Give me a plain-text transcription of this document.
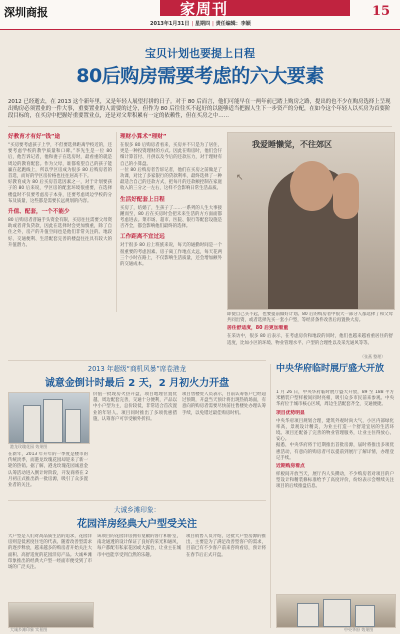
深圳商报	家周刊	15
2013年1月31日 | 星期四 | 责任编辑：李颖
宝贝计划也要提上日程
80后购房需要考虑的六大要素
2012 已经逝去，在 2013 这个新年里，又是年轻人展望打拼的日子。对于 80 后而言，他们可能早在一两年前已踏上购房之路，提出的也不少在购房选择上呈现出购房必须置业的一件大事，重要置业的人需要的过分，但作为 80 后往往买不起好的以能够适当把握人生下一步资产的分配，在如今这个年轻人以买房为首要阶段目标的，在买房中把握好重要置业点，还是对父辈积累有一定的依赖性，但在买房之中……
好教育才有好“钱”途
“买房要考虑孩子上学，不但要选择距离学校近的，还要考虑学校的教学质量和口碑。”李先生是一位 80 后，他告诉记者，他和妻子在选房时，最看重的就是周边的教育配套。作为父母，谁都希望自己的孩子能赢在起跑线上，所以学区房成为很多 80 后购房者的首选，而好的学区房价格也往往居高不下。
好教育成为 80 后买房首选因素之一，对于计划要孩子的 80 后来说，学区房的配套环境很重要，在选择楼盘时不仅要考虑房子本身，还要考虑周边学校的分布及质量，这些都是需要长远规划的内容。
升值、配套，一个不能少
80 后购房者普遍手头资金有限，买房往往需要父母资助或者背负贷款，因此在选择时会更加慎重，除了自住之外，房产的升值空间也是他们非常关注的。地段好、交通便利、生活配套完善的楼盘往往具有较大的升值潜力。
理财小算术“理财”
在很多 80 后购房者看来，买房并不只是为了居住，更是一种投资理财的方式。因此在购房时，他们会仔细计算首付、月供以及今后的还款压力，对于理财有自己的小算盘。
一位 80 后购房者告诉记者，他们在买房之前做足了功课，对比了多家银行的贷款利率，最终选择了一种最适合自己的还款方式，把每月的还款额控制在家庭收入的三分之一左右，这样不会影响日常生活品质。
生活好配套上日程
买房了，结婚了，生孩子了……一系列的人生大事接踵而至，80 后在买房时会把未来生活的方方面面都考虑进去。菜市场、超市、医院、银行等配套设施是否齐全，都会影响他们最终的选择。
工作距离不宜过远
对于很多 80 后上班族来说，每天的通勤时间是一个很重要的考虑因素。房子离工作地点太远，每天花两三个小时在路上，不仅影响生活质量，还会增加额外的交通成本。
我爱睡懒觉，不往郊区
↖
即使自己买不起，也要提前做好计划。80 后的购房者中很大一部分人都选择了和父母共同出资，或者选择先买一套小户型，等经济条件改善后再置换大房。
居住舒适度，80 后更加看重
在采访中，很多 80 后表示，在考虑房价和地段的同时，他们也越来越看重居住的舒适度，比如小区的环境、物业管理水平、户型的合理性以及采光通风等等。
（张燕 整理）
2013 年超级“商机风暴”席卷港龙
诚意金倒计时最后 2 天，2 月初火力开盘
港龙玫瑰花园 效果图
在新年，2013 年开年的一季度是楼市的传统淡季，而港龙玫瑰花园却迎来了新一轮的热销。据了解，港龙玫瑰花园诚意金认筹活动进入倒计时阶段，开发商将在 2 月初正式推出新一批房源，吸引了众多置业者的关注。
价值一批现房火热开盘，项目地理位置优越，周边配套完善，交通十分便利，产品以中小户型为主，总价较低，非常适合首次置业的年轻人。项目同时推出了多项优惠措施，认筹客户可享受额外折扣。
项目售楼处人员表示，目前认筹客户已经超过预期，开盘当天预计将出现热销场面，有意向的购房者需要尽快前往售楼处办理认筹手续，以免错过最佳购房时机。
大诚乡滩印象：
花园洋房经典大户型受关注
大户型是人们对高品质生活的追求，花园洋房则是低密度住宅的代表。随着改善型需求的逐步释放，越来越多的购房者开始关注大面积、高舒适度的花园洋房产品。大诚乡滩印象推出的经典大户型一经面市便受到了市场的广泛关注。
该项目的花园洋房拥有宽敞的客厅和卧室，南北通透的设计保证了良好的采光和通风，每户都配有私家花园或大露台，让业主在城市中也能享受到自然的乐趣。
项目销售人员介绍，这批大户型房源的推出，主要是为了满足改善型客户的需求，目前已有不少客户前来咨询看房，预计将在春节后正式开盘。
大诚乡滩印象 实景图
中央华府临时展厅盛大开放
1 月 26 日，中央华府临时展厅盛大开放，89 至 188 平方米精装户型样板间同时亮相，吸引众多市民前来参观。中央华府位于城市核心区域，周边生活配套齐全，交通便捷。
项目优势明显
中央华府项目规划合理，建筑外观时尚大气，小区内部绿化率高，景观设计精美，为业主打造一个舒适宜居的生活环境。项目还配备了完善的物业管理服务，让业主住得放心、安心。
据悉，中央华府将于近期推出首批房源，届时将推出多项优惠活动，有意向的购房者可以提前到展厅了解详情，办理登记手续。
近期购房看点
样板间开放当天，展厅内人头攒动，不少购房者对项目的户型设计和精装修标准给予了高度评价，纷纷表示会继续关注项目的后续推盘信息。
中央华府 效果图
